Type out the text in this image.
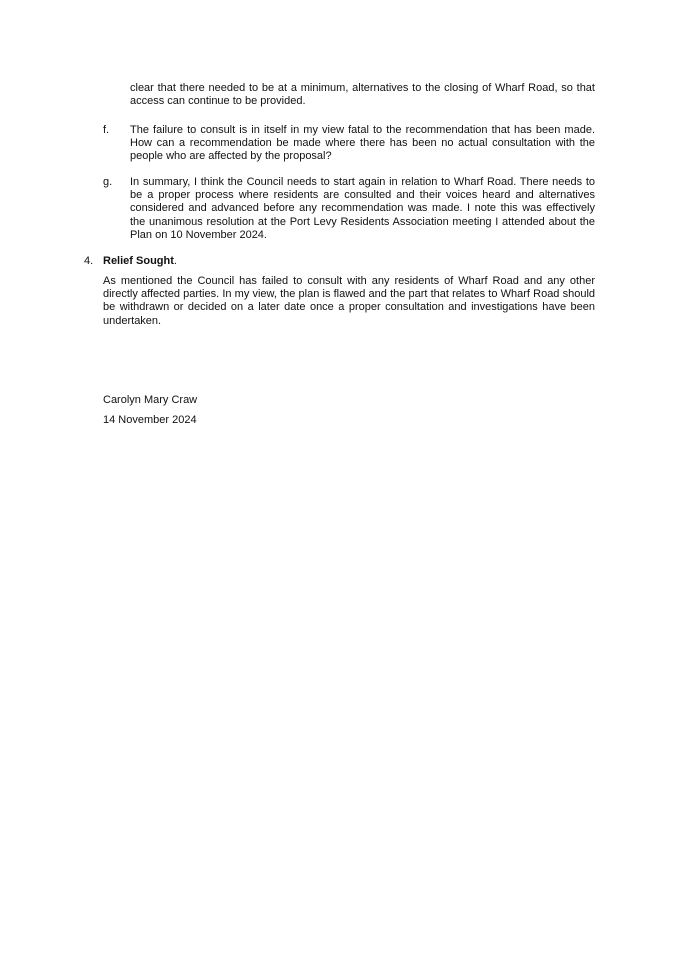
clear that there needed to be at a minimum, alternatives to the closing of Wharf Road, so that access can continue to be provided.

f.	The failure to consult is in itself in my view fatal to the recommendation that has been made. How can a recommendation be made where there has been no actual consultation with the people who are affected by the proposal?
g.	In summary, I think the Council needs to start again in relation to Wharf Road. There needs to be a proper process where residents are consulted and their voices heard and alternatives considered and advanced before any recommendation was made. I note this was effectively the unanimous resolution at the Port Levy Residents Association meeting I attended about the Plan on 10 November 2024.
4. Relief Sought.
As mentioned the Council has failed to consult with any residents of Wharf Road and any other directly affected parties. In my view, the plan is flawed and the part that relates to Wharf Road should be withdrawn or decided on a later date once a proper consultation and investigations have been undertaken.
Carolyn Mary Craw
14 November 2024
